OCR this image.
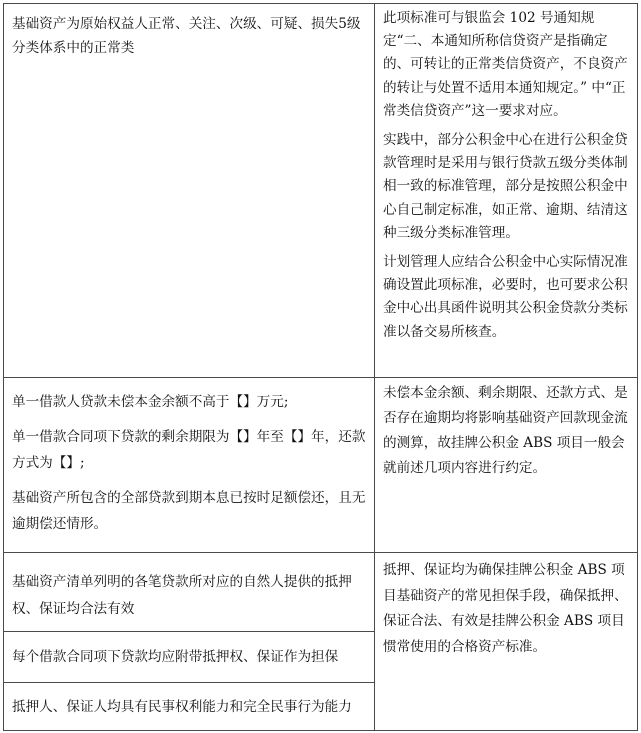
基础资产为原始权益人正常、关注、次级、可疑、损失5级分类体系中的正常类

此项标准可与银监会 102 号通知规定“二、本通知所称信贷资产是指确定的、可转让的正常类信贷资产，不良资产的转让与处置不适用本通知规定。” 中“正常类信贷资产”这一要求对应。

实践中，部分公积金中心在进行公积金贷款管理时是采用与银行贷款五级分类体制相一致的标准管理，部分是按照公积金中心自己制定标准，如正常、逾期、结清这种三级分类标准管理。

计划管理人应结合公积金中心实际情况准确设置此项标准，必要时，也可要求公积金中心出具函件说明其公积金贷款分类标准以备交易所核查。

单一借款人贷款未偿本金余额不高于【】万元;

单一借款合同项下贷款的剩余期限为【】年至【】年，还款方式为【】;

基础资产所包含的全部贷款到期本息已按时足额偿还，且无逾期偿还情形。

未偿本金余额、剩余期限、还款方式、是否存在逾期均将影响基础资产回款现金流的测算，故挂牌公积金 ABS 项目一般会就前述几项内容进行约定。

基础资产清单列明的各笔贷款所对应的自然人提供的抵押权、保证均合法有效

每个借款合同项下贷款均应附带抵押权、保证作为担保

抵押人、保证人均具有民事权利能力和完全民事行为能力

抵押、保证均为确保挂牌公积金 ABS 项目基础资产的常见担保手段，确保抵押、保证合法、有效是挂牌公积金 ABS 项目惯常使用的合格资产标准。
